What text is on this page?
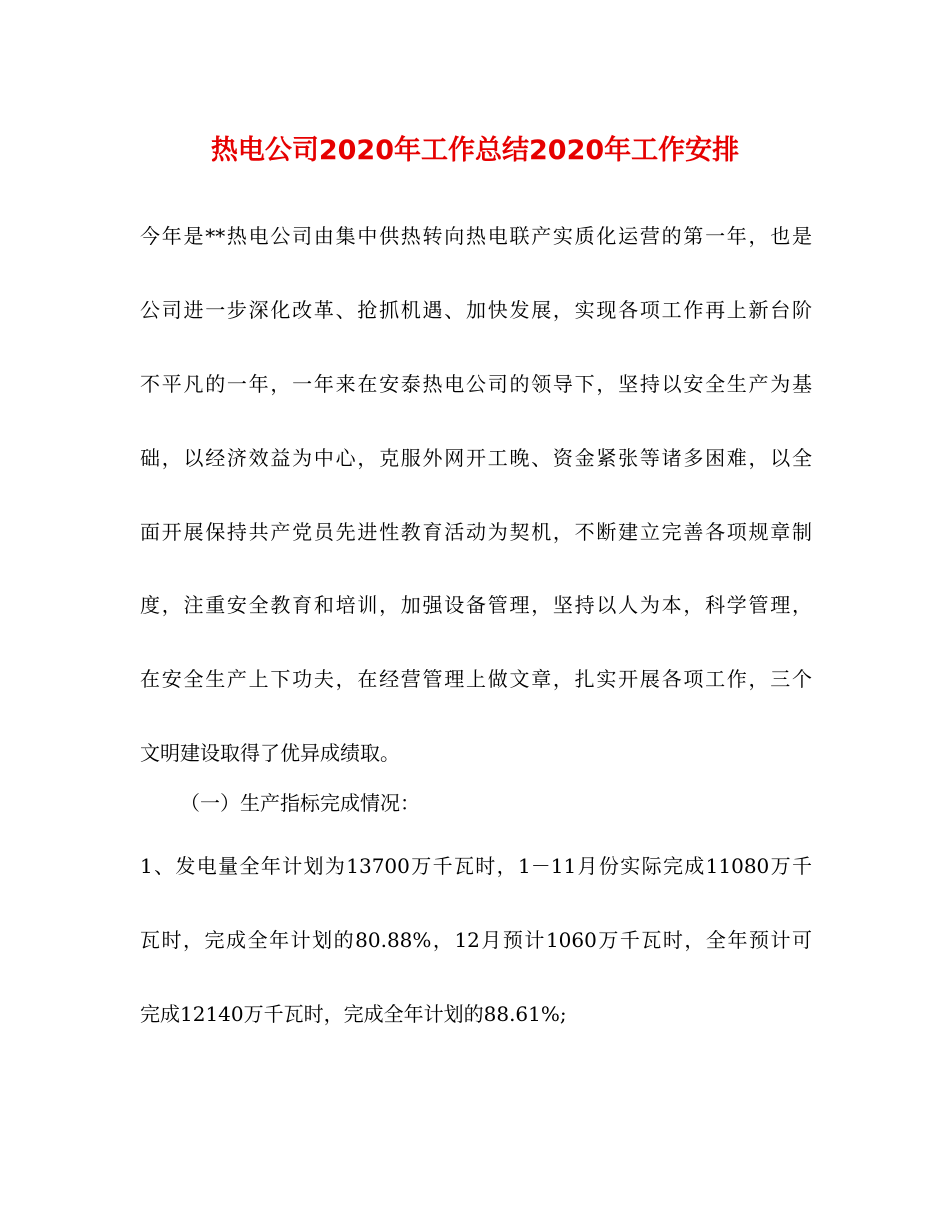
热电公司2020年工作总结2020年工作安排
今年是**热电公司由集中供热转向热电联产实质化运营的第一年，也是
公司进一步深化改革、抢抓机遇、加快发展，实现各项工作再上新台阶
不平凡的一年，一年来在安泰热电公司的领导下，坚持以安全生产为基
础，以经济效益为中心，克服外网开工晚、资金紧张等诸多困难，以全
面开展保持共产党员先进性教育活动为契机，不断建立完善各项规章制
度，注重安全教育和培训，加强设备管理，坚持以人为本，科学管理，
在安全生产上下功夫，在经营管理上做文章，扎实开展各项工作，三个
文明建设取得了优异成绩取。
（一）生产指标完成情况：
1、发电量全年计划为13700万千瓦时，1－11月份实际完成11080万千
瓦时，完成全年计划的80.88%，12月预计1060万千瓦时，全年预计可
完成12140万千瓦时，完成全年计划的88.61%;
